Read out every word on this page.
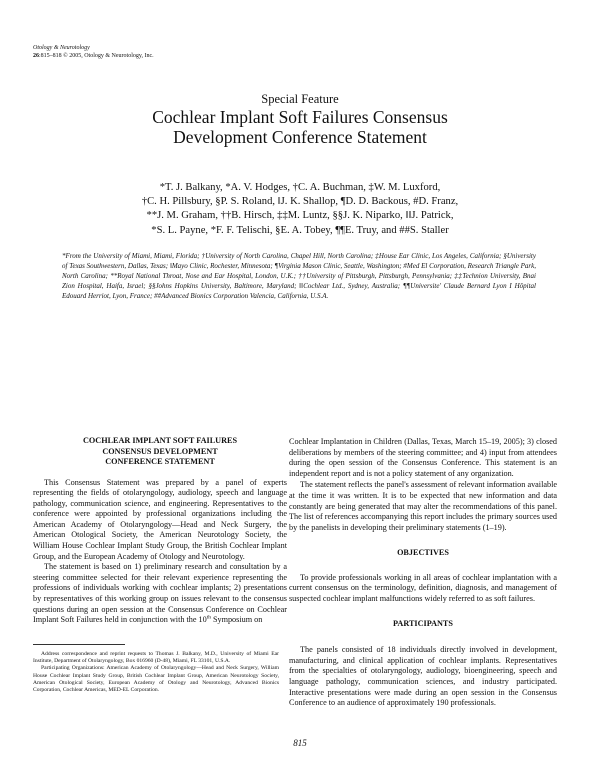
Otology & Neurotology
26:815–818 © 2005, Otology & Neurotology, Inc.
Special Feature
Cochlear Implant Soft Failures Consensus
Development Conference Statement
*T. J. Balkany, *A. V. Hodges, †C. A. Buchman, ‡W. M. Luxford,
†C. H. Pillsbury, §P. S. Roland, ‖J. K. Shallop, ¶D. D. Backous, #D. Franz,
**J. M. Graham, ††B. Hirsch, ‡‡M. Luntz, §§J. K. Niparko, ‖‖J. Patrick,
*S. L. Payne, *F. F. Telischi, §E. A. Tobey, ¶¶E. Truy, and ##S. Staller
*From the University of Miami, Miami, Florida; †University of North Carolina, Chapel Hill, North Carolina; ‡House Ear Clinic, Los Angeles, California; §University of Texas Southwestern, Dallas, Texas; ‖Mayo Clinic, Rochester, Minnesota; ¶Virginia Mason Clinic, Seattle, Washington; #Med El Corporation, Research Triangle Park, North Carolina; **Royal National Throat, Nose and Ear Hospital, London, U.K.; ††University of Pittsburgh, Pittsburgh, Pennsylvania; ‡‡Technion University, Bnai Zion Hospital, Haifa, Israel; §§Johns Hopkins University, Baltimore, Maryland; ‖‖Cochlear Ltd., Sydney, Australia; ¶¶Universite' Claude Bernard Lyon I Hôpital Edouard Herriot, Lyon, France; ##Advanced Bionics Corporation Valencia, California, U.S.A.
COCHLEAR IMPLANT SOFT FAILURES
CONSENSUS DEVELOPMENT
CONFERENCE STATEMENT

This Consensus Statement was prepared by a panel of experts representing the fields of otolaryngology, audiology, speech and language pathology, communication science, and engineering. Representatives to the conference were appointed by professional organizations including the American Academy of Otolaryngology—Head and Neck Surgery, the American Otological Society, the American Neurotology Society, the William House Cochlear Implant Study Group, the British Cochlear Implant Group, and the European Academy of Otology and Neurotology.

The statement is based on 1) preliminary research and consultation by a steering committee selected for their relevant experience representing the professions of individuals working with cochlear implants; 2) presentations by representatives of this working group on issues relevant to the consensus questions during an open session at the Consensus Conference on Cochlear Implant Soft Failures held in conjunction with the 10th Symposium on

Address correspondence and reprint requests to Thomas J. Balkany, M.D., University of Miami Ear Institute, Department of Otolaryngology, Box 016960 (D-48), Miami, FL 33101, U.S.A.

Participating Organizations: American Academy of Otolaryngology—Head and Neck Surgery, William House Cochlear Implant Study Group, British Cochlear Implant Group, American Neurotology Society, American Otological Society, European Academy of Otology and Neurotology, Advanced Bionics Corporation, Cochlear Americas, MED-EL Corporation.

Cochlear Implantation in Children (Dallas, Texas, March 15–19, 2005); 3) closed deliberations by members of the steering committee; and 4) input from attendees during the open session of the Consensus Conference. This statement is an independent report and is not a policy statement of any organization.

The statement reflects the panel's assessment of relevant information available at the time it was written. It is to be expected that new information and data constantly are being generated that may alter the recommendations of this panel. The list of references accompanying this report includes the primary sources used by the panelists in developing their preliminary statements (1–19).

OBJECTIVES

To provide professionals working in all areas of cochlear implantation with a current consensus on the terminology, definition, diagnosis, and management of suspected cochlear implant malfunctions widely referred to as soft failures.

PARTICIPANTS

The panels consisted of 18 individuals directly involved in development, manufacturing, and clinical application of cochlear implants. Representatives from the specialties of otolaryngology, audiology, bioengineering, speech and language pathology, communication sciences, and industry participated. Interactive presentations were made during an open session in the Consensus Conference to an audience of approximately 190 professionals.

815
